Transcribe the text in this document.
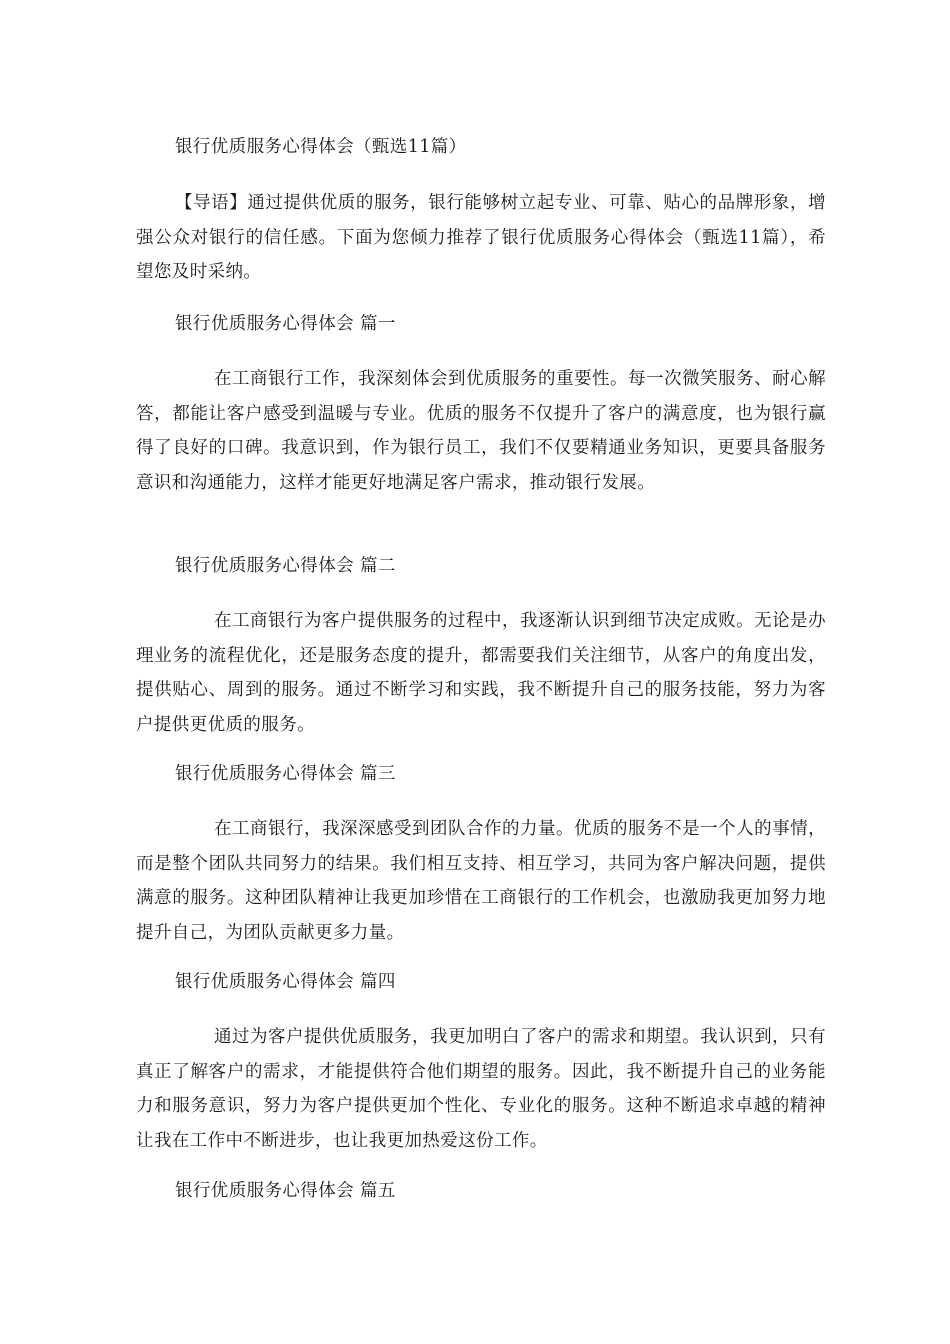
银行优质服务心得体会（甄选11篇）

【导语】通过提供优质的服务，银行能够树立起专业、可靠、贴心的品牌形象，增强公众对银行的信任感。下面为您倾力推荐了银行优质服务心得体会（甄选11篇），希望您及时采纳。

银行优质服务心得体会 篇一

在工商银行工作，我深刻体会到优质服务的重要性。每一次微笑服务、耐心解答，都能让客户感受到温暖与专业。优质的服务不仅提升了客户的满意度，也为银行赢得了良好的口碑。我意识到，作为银行员工，我们不仅要精通业务知识，更要具备服务意识和沟通能力，这样才能更好地满足客户需求，推动银行发展。

银行优质服务心得体会 篇二

在工商银行为客户提供服务的过程中，我逐渐认识到细节决定成败。无论是办理业务的流程优化，还是服务态度的提升，都需要我们关注细节，从客户的角度出发，提供贴心、周到的服务。通过不断学习和实践，我不断提升自己的服务技能，努力为客户提供更优质的服务。

银行优质服务心得体会 篇三

在工商银行，我深深感受到团队合作的力量。优质的服务不是一个人的事情，而是整个团队共同努力的结果。我们相互支持、相互学习，共同为客户解决问题，提供满意的服务。这种团队精神让我更加珍惜在工商银行的工作机会，也激励我更加努力地提升自己，为团队贡献更多力量。

银行优质服务心得体会 篇四

通过为客户提供优质服务，我更加明白了客户的需求和期望。我认识到，只有真正了解客户的需求，才能提供符合他们期望的服务。因此，我不断提升自己的业务能力和服务意识，努力为客户提供更加个性化、专业化的服务。这种不断追求卓越的精神让我在工作中不断进步，也让我更加热爱这份工作。

银行优质服务心得体会 篇五
